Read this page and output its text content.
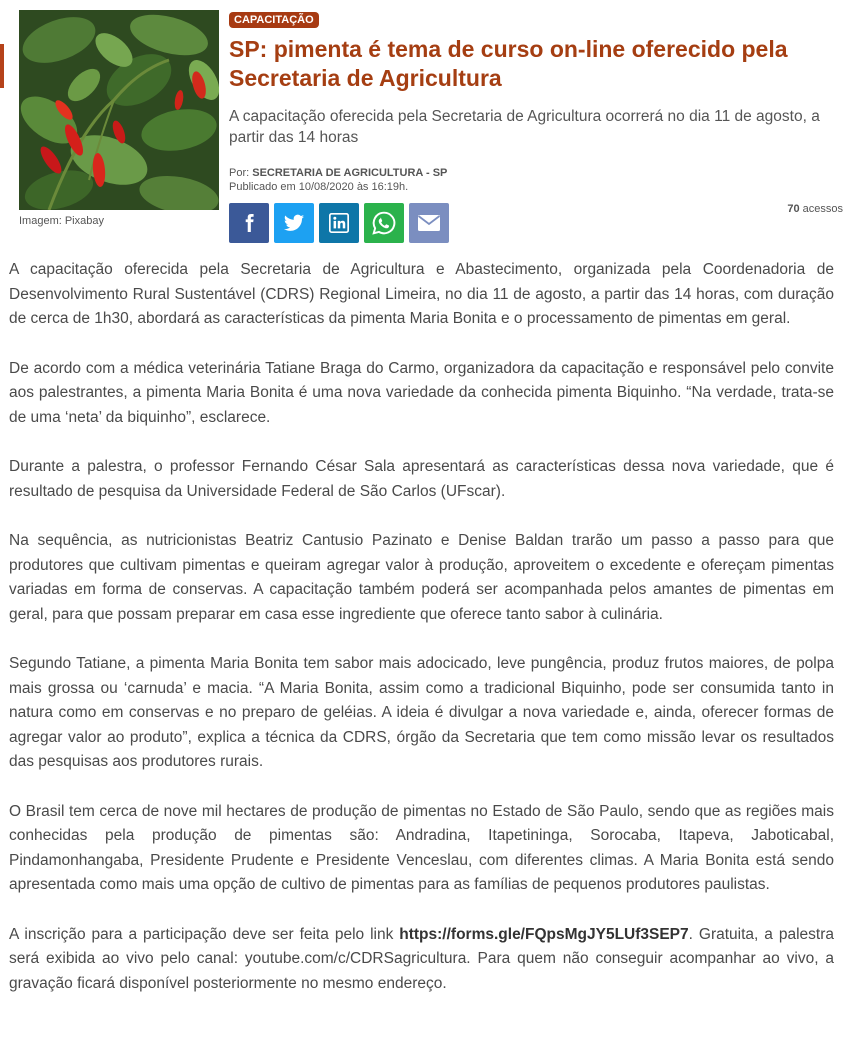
Imagem: Pixabay
CAPACITAÇÃO
SP: pimenta é tema de curso on-line oferecido pela Secretaria de Agricultura

A capacitação oferecida pela Secretaria de Agricultura ocorrerá no dia 11 de agosto, a partir das 14 horas

Por: SECRETARIA DE AGRICULTURA - SP
Publicado em 10/08/2020 às 16:19h.
70 acessos

A capacitação oferecida pela Secretaria de Agricultura e Abastecimento, organizada pela Coordenadoria de Desenvolvimento Rural Sustentável (CDRS) Regional Limeira, no dia 11 de agosto, a partir das 14 horas, com duração de cerca de 1h30, abordará as características da pimenta Maria Bonita e o processamento de pimentas em geral.

De acordo com a médica veterinária Tatiane Braga do Carmo, organizadora da capacitação e responsável pelo convite aos palestrantes, a pimenta Maria Bonita é uma nova variedade da conhecida pimenta Biquinho. “Na verdade, trata-se de uma ‘neta’ da biquinho”, esclarece.

Durante a palestra, o professor Fernando César Sala apresentará as características dessa nova variedade, que é resultado de pesquisa da Universidade Federal de São Carlos (UFscar).

Na sequência, as nutricionistas Beatriz Cantusio Pazinato e Denise Baldan trarão um passo a passo para que produtores que cultivam pimentas e queiram agregar valor à produção, aproveitem o excedente e ofereçam pimentas variadas em forma de conservas. A capacitação também poderá ser acompanhada pelos amantes de pimentas em geral, para que possam preparar em casa esse ingrediente que oferece tanto sabor à culinária.

Segundo Tatiane, a pimenta Maria Bonita tem sabor mais adocicado, leve pungência, produz frutos maiores, de polpa mais grossa ou ‘carnuda’ e macia. “A Maria Bonita, assim como a tradicional Biquinho, pode ser consumida tanto in natura como em conservas e no preparo de geléias. A ideia é divulgar a nova variedade e, ainda, oferecer formas de agregar valor ao produto”, explica a técnica da CDRS, órgão da Secretaria que tem como missão levar os resultados das pesquisas aos produtores rurais.

O Brasil tem cerca de nove mil hectares de produção de pimentas no Estado de São Paulo, sendo que as regiões mais conhecidas pela produção de pimentas são: Andradina, Itapetininga, Sorocaba, Itapeva, Jaboticabal, Pindamonhangaba, Presidente Prudente e Presidente Venceslau, com diferentes climas. A Maria Bonita está sendo apresentada como mais uma opção de cultivo de pimentas para as famílias de pequenos produtores paulistas.

A inscrição para a participação deve ser feita pelo link https://forms.gle/FQpsMgJY5LUf3SEP7. Gratuita, a palestra será exibida ao vivo pelo canal: youtube.com/c/CDRSagricultura. Para quem não conseguir acompanhar ao vivo, a gravação ficará disponível posteriormente no mesmo endereço.
